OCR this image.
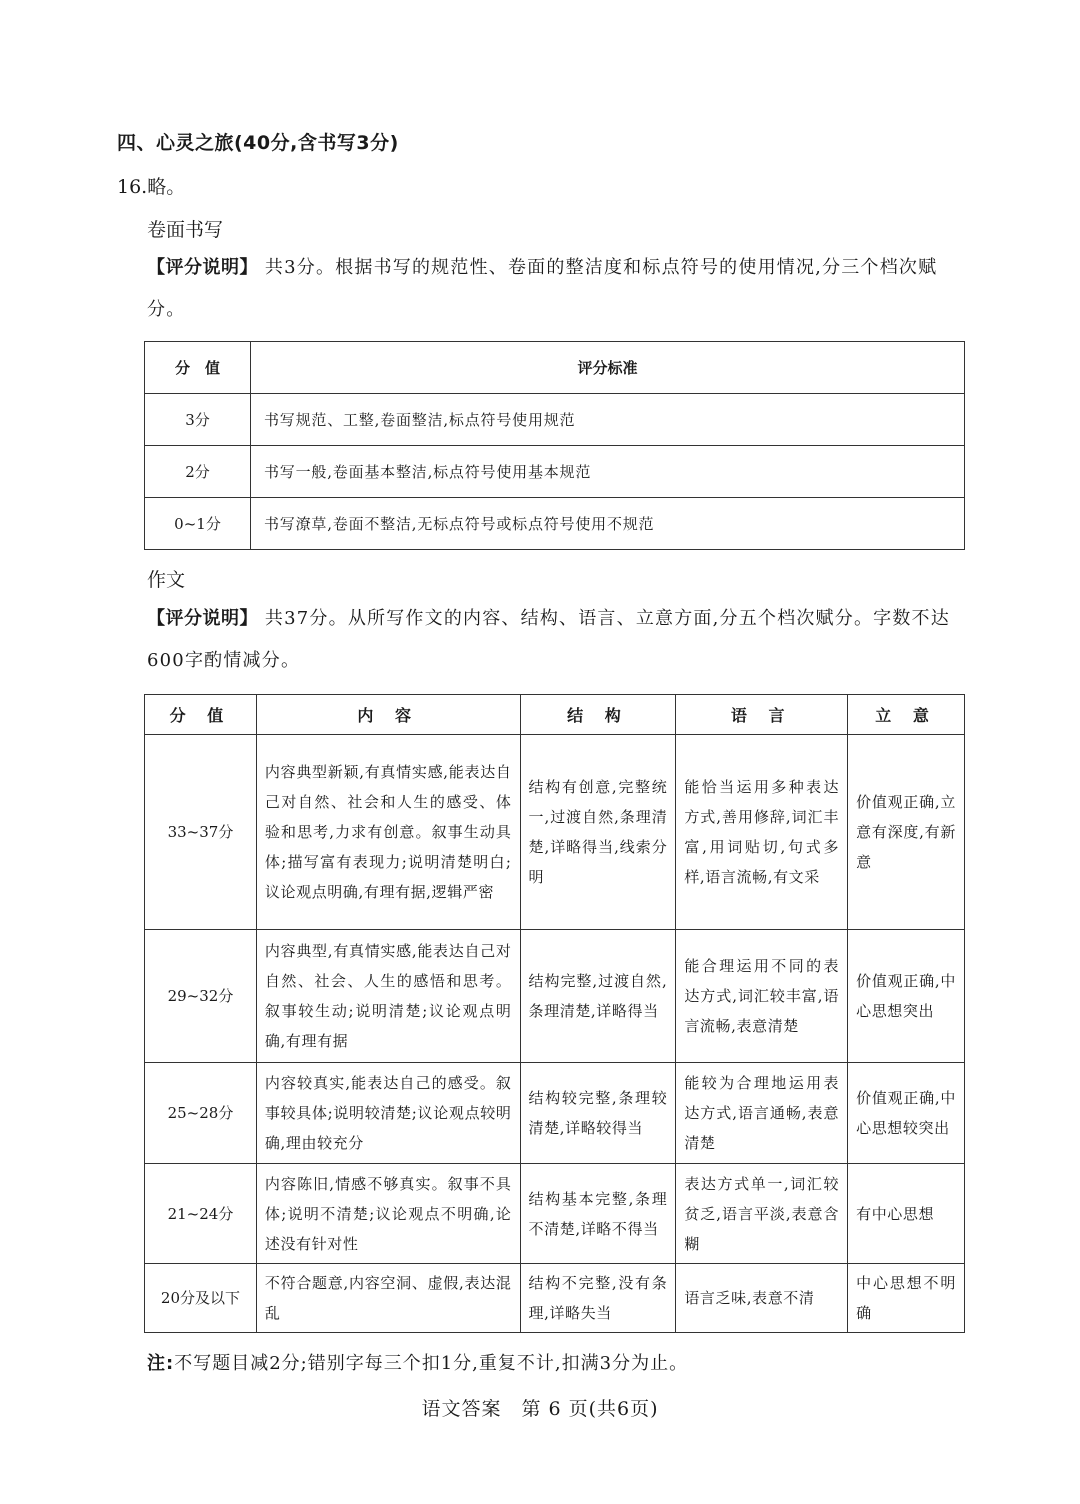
四、心灵之旅(40分,含书写3分)
16.略。
卷面书写
【评分说明】 共3分。根据书写的规范性、卷面的整洁度和标点符号的使用情况,分三个档次赋分。
分　值	评分标准
3分	书写规范、工整,卷面整洁,标点符号使用规范
2分	书写一般,卷面基本整洁,标点符号使用基本规范
0~1分	书写潦草,卷面不整洁,无标点符号或标点符号使用不规范
作文
【评分说明】 共37分。从所写作文的内容、结构、语言、立意方面,分五个档次赋分。字数不达600字酌情减分。
分 值	内 容	结 构	语 言	立 意
33~37分	内容典型新颖,有真情实感,能表达自己对自然、社会和人生的感受、体验和思考,力求有创意。叙事生动具体;描写富有表现力;说明清楚明白;议论观点明确,有理有据,逻辑严密	结构有创意,完整统一,过渡自然,条理清楚,详略得当,线索分明	能恰当运用多种表达方式,善用修辞,词汇丰富,用词贴切,句式多样,语言流畅,有文采	价值观正确,立意有深度,有新意
29~32分	内容典型,有真情实感,能表达自己对自然、社会、人生的感悟和思考。叙事较生动;说明清楚;议论观点明确,有理有据	结构完整,过渡自然,条理清楚,详略得当	能合理运用不同的表达方式,词汇较丰富,语言流畅,表意清楚	价值观正确,中心思想突出
25~28分	内容较真实,能表达自己的感受。叙事较具体;说明较清楚;议论观点较明确,理由较充分	结构较完整,条理较清楚,详略较得当	能较为合理地运用表达方式,语言通畅,表意清楚	价值观正确,中心思想较突出
21~24分	内容陈旧,情感不够真实。叙事不具体;说明不清楚;议论观点不明确,论述没有针对性	结构基本完整,条理不清楚,详略不得当	表达方式单一,词汇较贫乏,语言平淡,表意含糊	有中心思想
20分及以下	不符合题意,内容空洞、虚假,表达混乱	结构不完整,没有条理,详略失当	语言乏味,表意不清	中心思想不明确
注:不写题目减2分;错别字每三个扣1分,重复不计,扣满3分为止。
语文答案　第 6 页(共6页)
